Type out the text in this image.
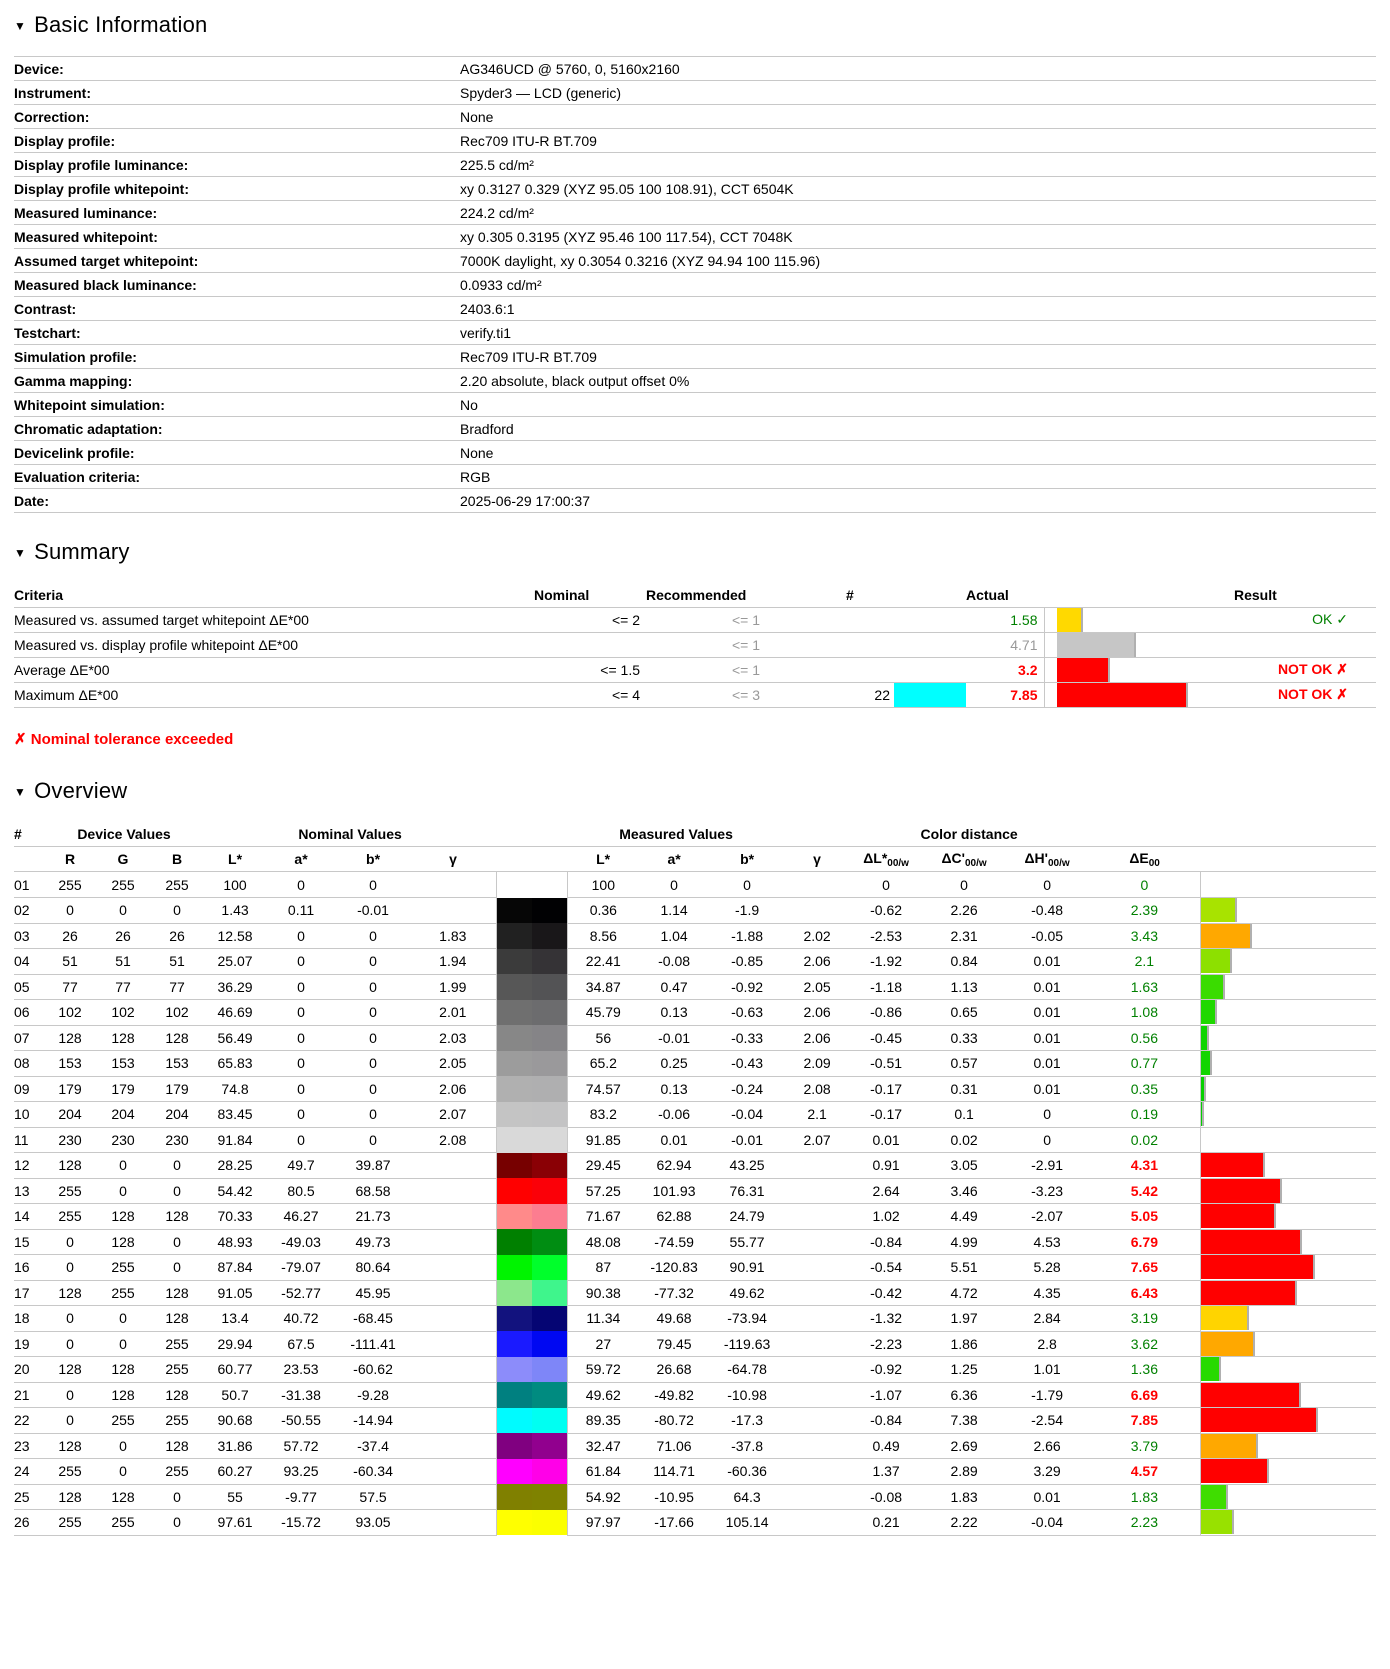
▼ Basic Information
Device:	AG346UCD @ 5760, 0, 5160x2160
Instrument:	Spyder3 — LCD (generic)
Correction:	None
Display profile:	Rec709 ITU-R BT.709
Display profile luminance:	225.5 cd/m²
Display profile whitepoint:	xy 0.3127 0.329 (XYZ 95.05 100 108.91), CCT 6504K
Measured luminance:	224.2 cd/m²
Measured whitepoint:	xy 0.305 0.3195 (XYZ 95.46 100 117.54), CCT 7048K
Assumed target whitepoint:	7000K daylight, xy 0.3054 0.3216 (XYZ 94.94 100 115.96)
Measured black luminance:	0.0933 cd/m²
Contrast:	2403.6:1
Testchart:	verify.ti1
Simulation profile:	Rec709 ITU-R BT.709
Gamma mapping:	2.20 absolute, black output offset 0%
Whitepoint simulation:	No
Chromatic adaptation:	Bradford
Devicelink profile:	None
Evaluation criteria:	RGB
Date:	2025-06-29 17:00:37
▼ Summary
Criteria	Nominal	Recommended	#		Actual		Result
Measured vs. assumed target whitepoint ΔE*00	<= 2	<= 1			1.58		OK ✓
Measured vs. display profile whitepoint ΔE*00		<= 1			4.71	

Average ΔE*00	<= 1.5	<= 1			3.2		NOT OK ✗
Maximum ΔE*00	<= 4	<= 3	22		7.85		NOT OK ✗

✗ Nominal tolerance exceeded

▼ Overview
#	Device Values			Nominal Values					Measured Values				Color distance				
	R	G	B	L*	a*	b*	γ		L*	a*	b*	γ	$\Delta L*_{00/w}$	$\Delta C'_{00/w}$	$\Delta H'_{00/w}$	$\Delta E_{00}$	
01	255	255	255	100	0	0			100	0	0		0	0	0	0	
02	0	0	0	1.43	0.11	-0.01			0.36	1.14	-1.9		-0.62	2.26	-0.48	2.39	

03	26	26	26	12.58	0	0	1.83		8.56	1.04	-1.88	2.02	-2.53	2.31	-0.05	3.43	

04	51	51	51	25.07	0	0	1.94		22.41	-0.08	-0.85	2.06	-1.92	0.84	0.01	2.1	

05	77	77	77	36.29	0	0	1.99		34.87	0.47	-0.92	2.05	-1.18	1.13	0.01	1.63	

06	102	102	102	46.69	0	0	2.01		45.79	0.13	-0.63	2.06	-0.86	0.65	0.01	1.08	

07	128	128	128	56.49	0	0	2.03		56	-0.01	-0.33	2.06	-0.45	0.33	0.01	0.56	

08	153	153	153	65.83	0	0	2.05		65.2	0.25	-0.43	2.09	-0.51	0.57	0.01	0.77	

09	179	179	179	74.8	0	0	2.06		74.57	0.13	-0.24	2.08	-0.17	0.31	0.01	0.35	

10	204	204	204	83.45	0	0	2.07		83.2	-0.06	-0.04	2.1	-0.17	0.1	0	0.19	

11	230	230	230	91.84	0	0	2.08		91.85	0.01	-0.01	2.07	0.01	0.02	0	0.02	
12	128	0	0	28.25	49.7	39.87			29.45	62.94	43.25		0.91	3.05	-2.91	4.31	

13	255	0	0	54.42	80.5	68.58			57.25	101.93	76.31		2.64	3.46	-3.23	5.42	

14	255	128	128	70.33	46.27	21.73			71.67	62.88	24.79		1.02	4.49	-2.07	5.05	

15	0	128	0	48.93	-49.03	49.73			48.08	-74.59	55.77		-0.84	4.99	4.53	6.79	

16	0	255	0	87.84	-79.07	80.64			87	-120.83	90.91		-0.54	5.51	5.28	7.65	

17	128	255	128	91.05	-52.77	45.95			90.38	-77.32	49.62		-0.42	4.72	4.35	6.43	

18	0	0	128	13.4	40.72	-68.45			11.34	49.68	-73.94		-1.32	1.97	2.84	3.19	

19	0	0	255	29.94	67.5	-111.41			27	79.45	-119.63		-2.23	1.86	2.8	3.62	

20	128	128	255	60.77	23.53	-60.62			59.72	26.68	-64.78		-0.92	1.25	1.01	1.36	

21	0	128	128	50.7	-31.38	-9.28			49.62	-49.82	-10.98		-1.07	6.36	-1.79	6.69	

22	0	255	255	90.68	-50.55	-14.94			89.35	-80.72	-17.3		-0.84	7.38	-2.54	7.85	

23	128	0	128	31.86	57.72	-37.4			32.47	71.06	-37.8		0.49	2.69	2.66	3.79	

24	255	0	255	60.27	93.25	-60.34			61.84	114.71	-60.36		1.37	2.89	3.29	4.57	

25	128	128	0	55	-9.77	57.5			54.92	-10.95	64.3		-0.08	1.83	0.01	1.83	

26	255	255	0	97.61	-15.72	93.05			97.97	-17.66	105.14		0.21	2.22	-0.04	2.23	
